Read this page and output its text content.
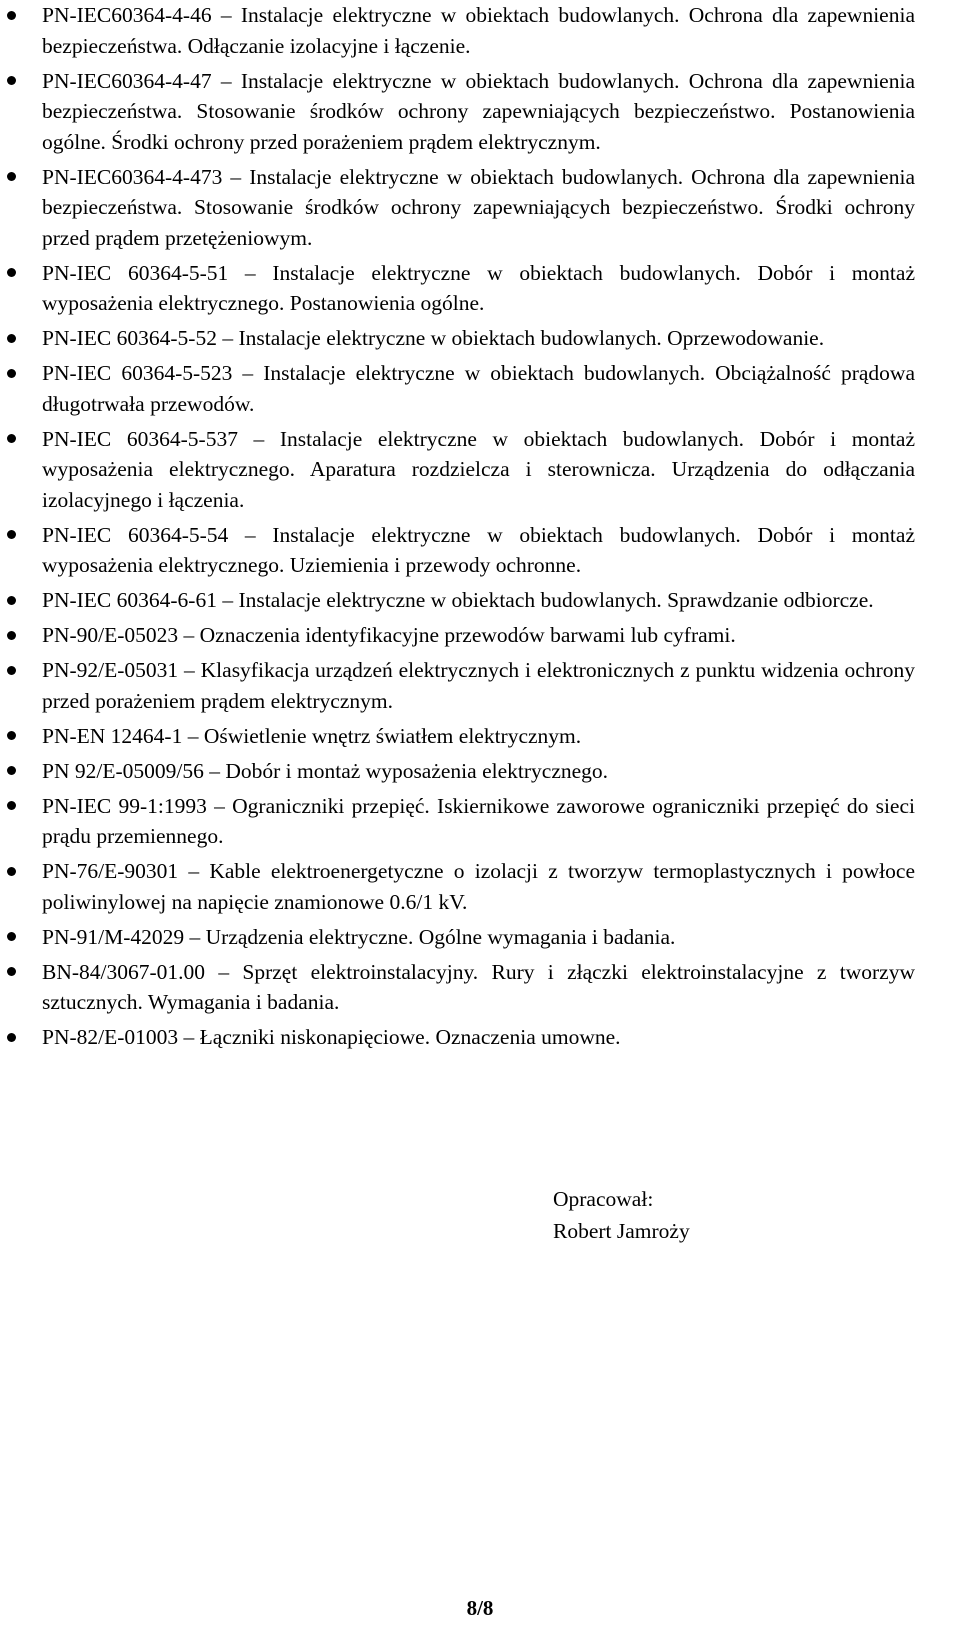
PN-IEC60364-4-46 – Instalacje elektryczne w obiektach budowlanych. Ochrona dla zapewnienia bezpieczeństwa. Odłączanie izolacyjne i łączenie.
PN-IEC60364-4-47 – Instalacje elektryczne w obiektach budowlanych. Ochrona dla zapewnienia bezpieczeństwa. Stosowanie środków ochrony zapewniających bezpieczeństwo. Postanowienia ogólne. Środki ochrony przed porażeniem prądem elektrycznym.
PN-IEC60364-4-473 – Instalacje elektryczne w obiektach budowlanych. Ochrona dla zapewnienia bezpieczeństwa. Stosowanie środków ochrony zapewniających bezpieczeństwo. Środki ochrony przed prądem przetężeniowym.
PN-IEC 60364-5-51 – Instalacje elektryczne w obiektach budowlanych. Dobór i montaż wyposażenia elektrycznego. Postanowienia ogólne.
PN-IEC 60364-5-52 – Instalacje elektryczne w obiektach budowlanych. Oprzewodowanie.
PN-IEC 60364-5-523 – Instalacje elektryczne w obiektach budowlanych. Obciążalność prądowa długotrwała przewodów.
PN-IEC 60364-5-537 – Instalacje elektryczne w obiektach budowlanych. Dobór i montaż wyposażenia elektrycznego. Aparatura rozdzielcza i sterownicza. Urządzenia do odłączania izolacyjnego i łączenia.
PN-IEC 60364-5-54 – Instalacje elektryczne w obiektach budowlanych. Dobór i montaż wyposażenia elektrycznego. Uziemienia i przewody ochronne.
PN-IEC 60364-6-61 – Instalacje elektryczne w obiektach budowlanych. Sprawdzanie odbiorcze.
PN-90/E-05023 – Oznaczenia identyfikacyjne przewodów barwami lub cyframi.
PN-92/E-05031 – Klasyfikacja urządzeń elektrycznych i elektronicznych z punktu widzenia ochrony przed porażeniem prądem elektrycznym.
PN-EN 12464-1 – Oświetlenie wnętrz światłem elektrycznym.
PN 92/E-05009/56 – Dobór i montaż wyposażenia elektrycznego.
PN-IEC 99-1:1993 – Ograniczniki przepięć. Iskiernikowe zaworowe ograniczniki przepięć do sieci prądu przemiennego.
PN-76/E-90301 – Kable elektroenergetyczne o izolacji z tworzyw termoplastycznych i powłoce poliwinylowej na napięcie znamionowe 0.6/1 kV.
PN-91/M-42029 – Urządzenia elektryczne. Ogólne wymagania i badania.
BN-84/3067-01.00 – Sprzęt elektroinstalacyjny. Rury i złączki elektroinstalacyjne z tworzyw sztucznych. Wymagania i badania.
PN-82/E-01003 – Łączniki niskonapięciowe. Oznaczenia umowne.
Opracował:
Robert Jamroży
8/8
